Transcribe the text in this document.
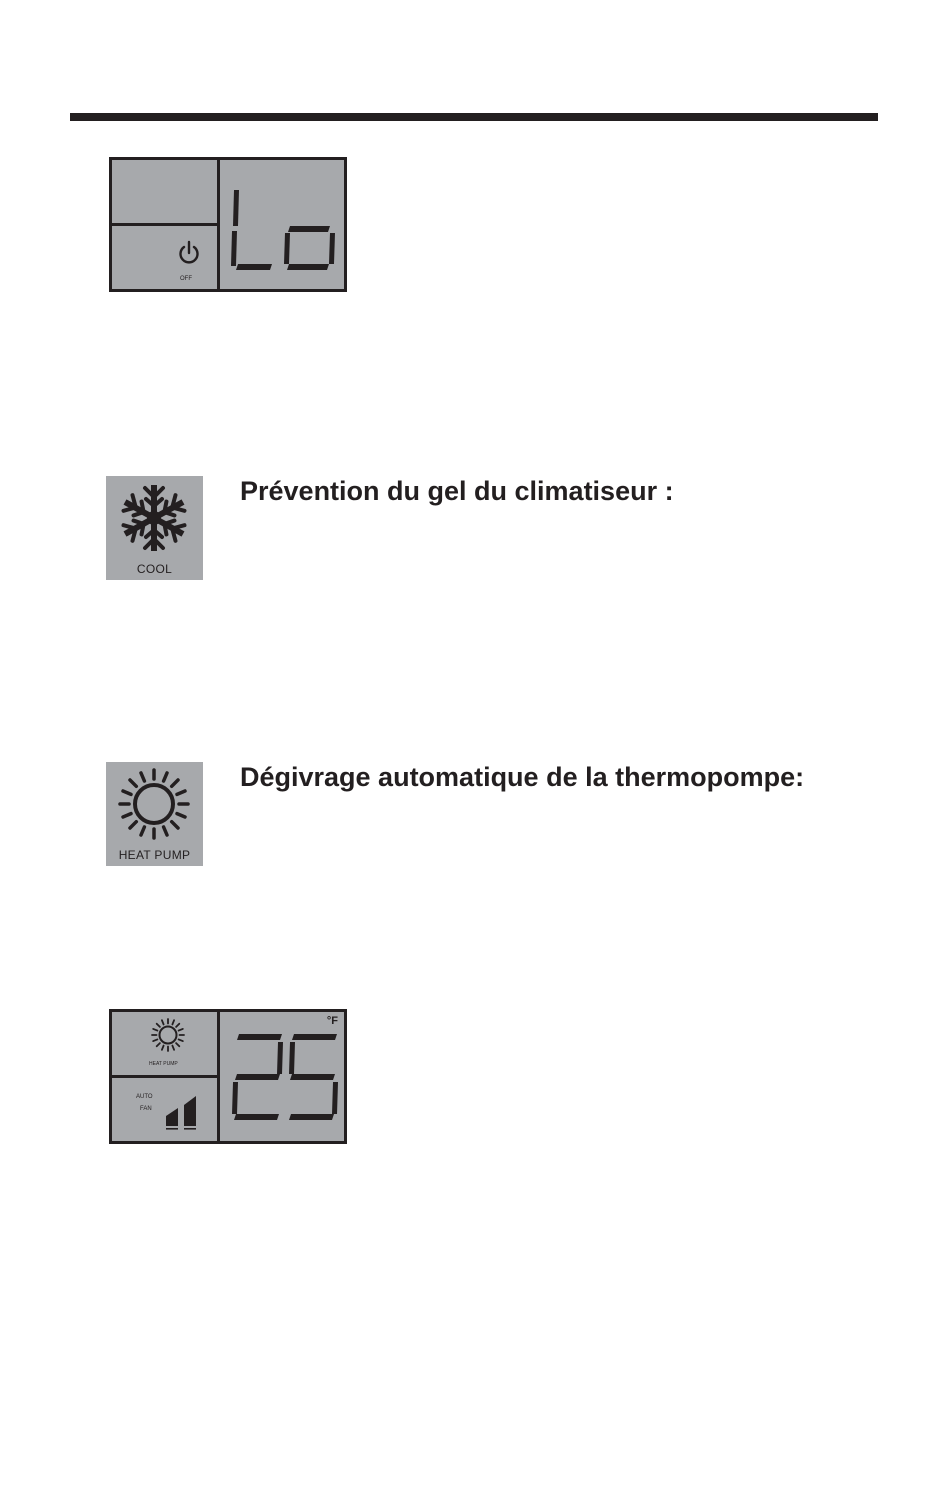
OFF
COOL
Prévention du gel du climatiseur :
HEAT PUMP
Dégivrage automatique de la thermopompe:
HEAT PUMP
AUTO
FAN
°F
